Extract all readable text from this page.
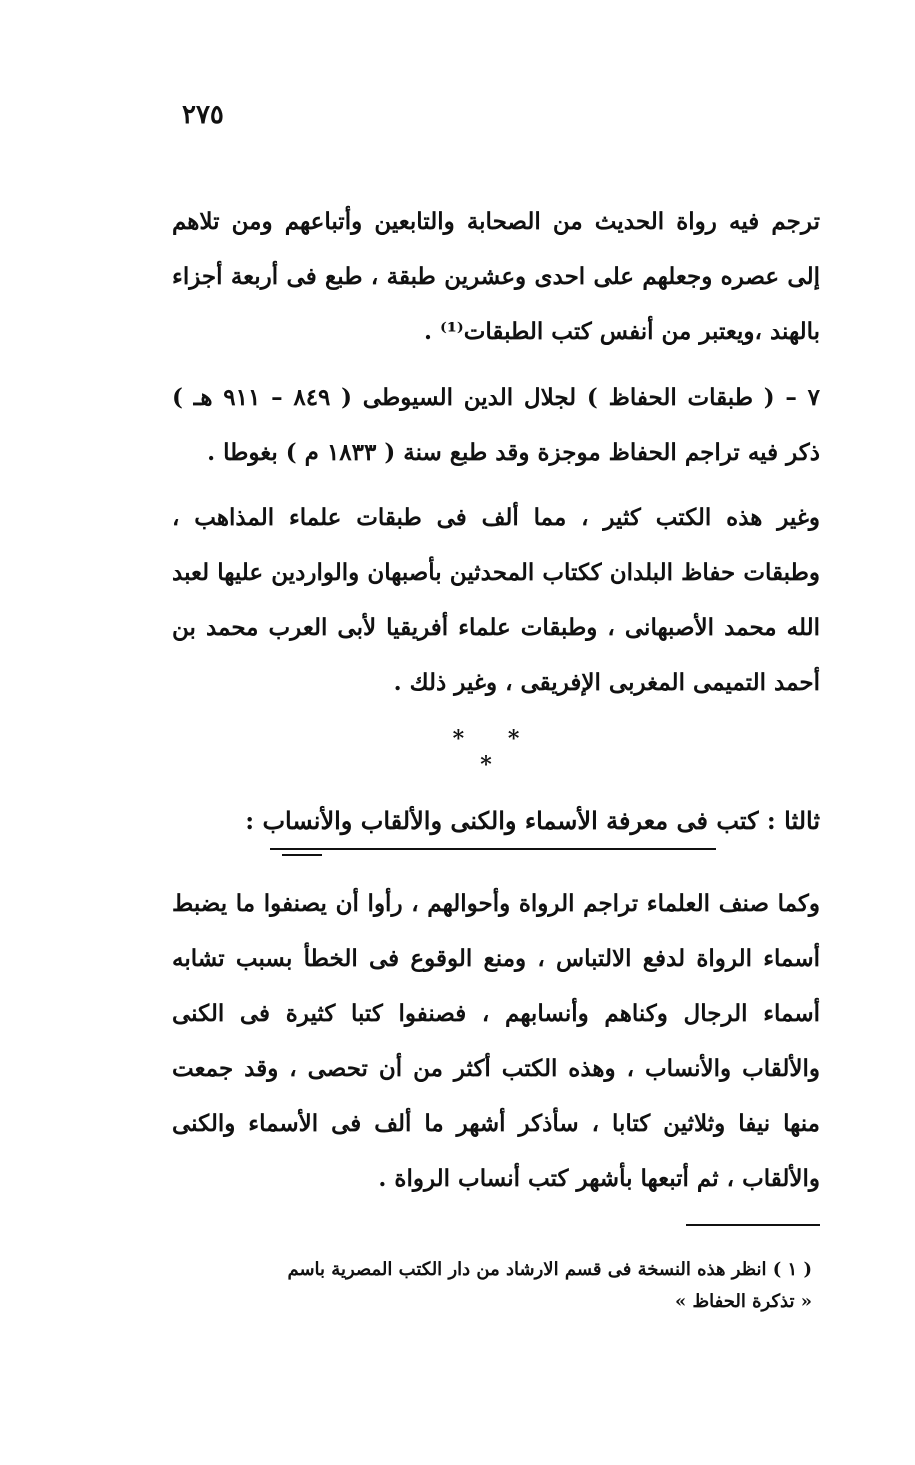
٢٧٥

ترجم فيه رواة الحديث من الصحابة والتابعين وأتباعهم ومن تلاهم إلى عصره وجعلهم على احدى وعشرين طبقة ، طبع فى أربعة أجزاء بالهند ،ويعتبر من أنفس كتب الطبقات⁽¹⁾ .

٧ – ( طبقات الحفاظ ) لجلال الدين السيوطى ( ٨٤٩ – ٩١١ هـ ) ذكر فيه تراجم الحفاظ موجزة وقد طبع سنة ( ١٨٣٣ م ) بغوطا .

وغير هذه الكتب كثير ، مما ألف فى طبقات علماء المذاهب ، وطبقات حفاظ البلدان ككتاب المحدثين بأصبهان والواردين عليها لعبد الله محمد الأصبهانى ، وطبقات علماء أفريقيا لأبى العرب محمد بن أحمد التميمى المغربى الإفريقى ، وغير ذلك .

* * *
ثالثا : كتب فى معرفة الأسماء والكنى والألقاب والأنساب :

وكما صنف العلماء تراجم الرواة وأحوالهم ، رأوا أن يصنفوا ما يضبط أسماء الرواة لدفع الالتباس ، ومنع الوقوع فى الخطأ بسبب تشابه أسماء الرجال وكناهم وأنسابهم ، فصنفوا كتبا كثيرة فى الكنى والألقاب والأنساب ، وهذه الكتب أكثر من أن تحصى ، وقد جمعت منها نيفا وثلاثين كتابا ، سأذكر أشهر ما ألف فى الأسماء والكنى والألقاب ، ثم أتبعها بأشهر كتب أنساب الرواة .

( ١ ) انظر هذه النسخة فى قسم الارشاد من دار الكتب المصرية باسم

« تذكرة الحفاظ »
